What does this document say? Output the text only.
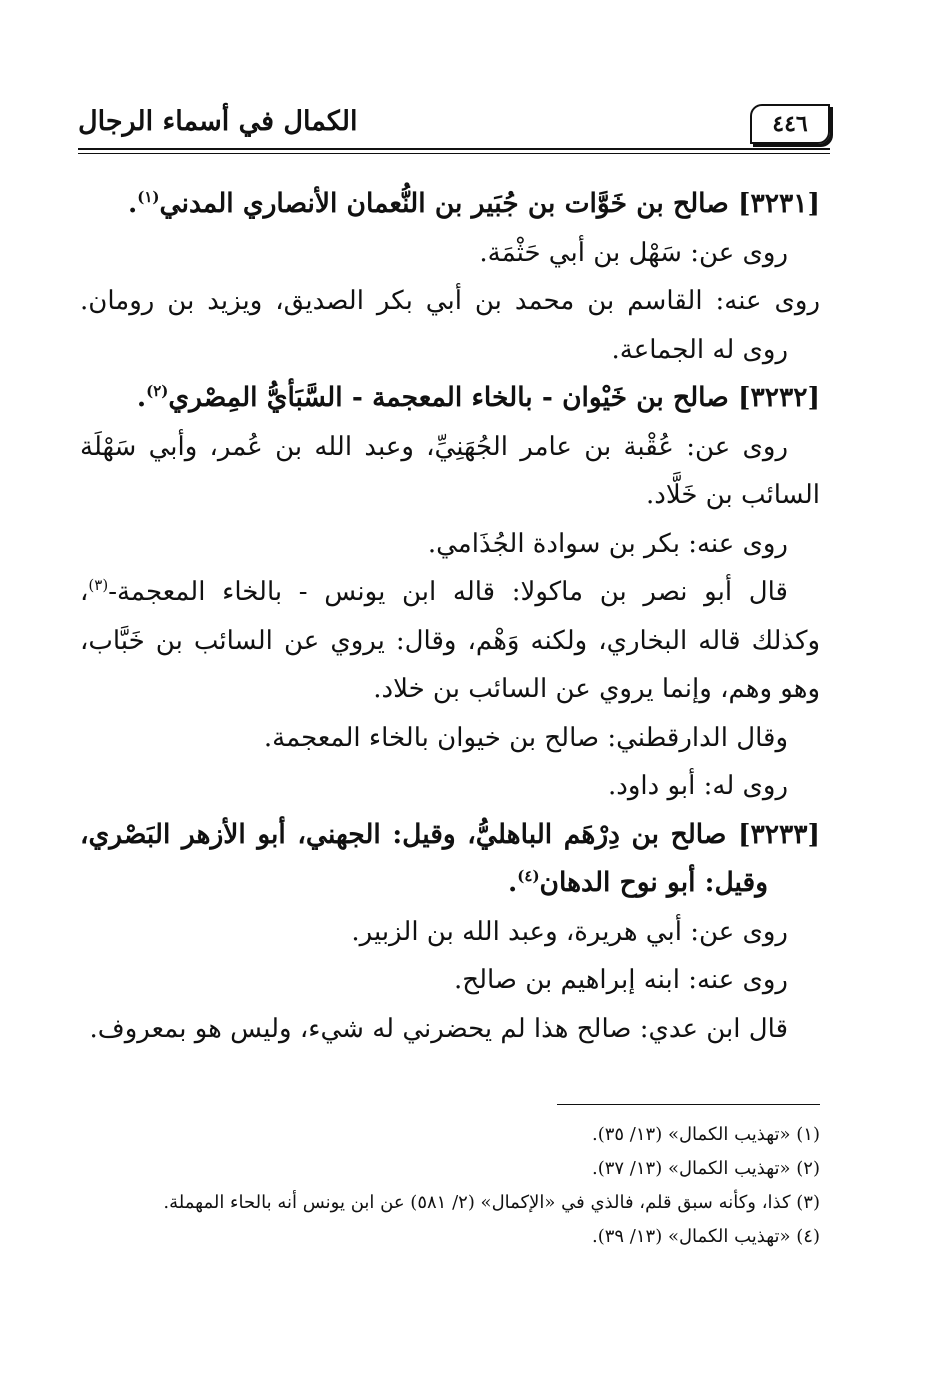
الكمال في أسماء الرجال	٤٤٦
[٣٢٣١] صالح بن خَوَّات بن جُبَير بن النُّعمان الأنصاري المدني$^{(١)}$.
روى عن: سَهْل بن أبي حَثْمَة.
روى عنه: القاسم بن محمد بن أبي بكر الصديق، ويزيد بن رومان.
روى له الجماعة.
[٣٢٣٢] صالح بن خَيْوان - بالخاء المعجمة - السَّبَأيُّ المِصْري$^{(٢)}$.
روى عن: عُقْبة بن عامر الجُهَنِيِّ، وعبد الله بن عُمر، وأبي سَهْلَة
السائب بن خَلَّاد.
روى عنه: بكر بن سوادة الجُذَامي.
قال أبو نصر بن ماكولا: قاله ابن يونس - بالخاء المعجمة-$^{(٣)}$،
وكذلك قاله البخاري، ولكنه وَهْم، وقال: يروي عن السائب بن خَبَّاب،
وهو وهم، وإنما يروي عن السائب بن خلاد.
وقال الدارقطني: صالح بن خيوان بالخاء المعجمة.
روى له: أبو داود.
[٣٢٣٣] صالح بن دِرْهَم الباهليُّ، وقيل: الجهني، أبو الأزهر البَصْري،
وقيل: أبو نوح الدهان$^{(٤)}$.
روى عن: أبي هريرة، وعبد الله بن الزبير.
روى عنه: ابنه إبراهيم بن صالح.
قال ابن عدي: صالح هذا لم يحضرني له شيء، وليس هو بمعروف.
(١) «تهذيب الكمال» (١٣/ ٣٥).
(٢) «تهذيب الكمال» (١٣/ ٣٧).
(٣) كذا، وكأنه سبق قلم، فالذي في «الإكمال» (٢/ ٥٨١) عن ابن يونس أنه بالحاء المهملة.
(٤) «تهذيب الكمال» (١٣/ ٣٩).
